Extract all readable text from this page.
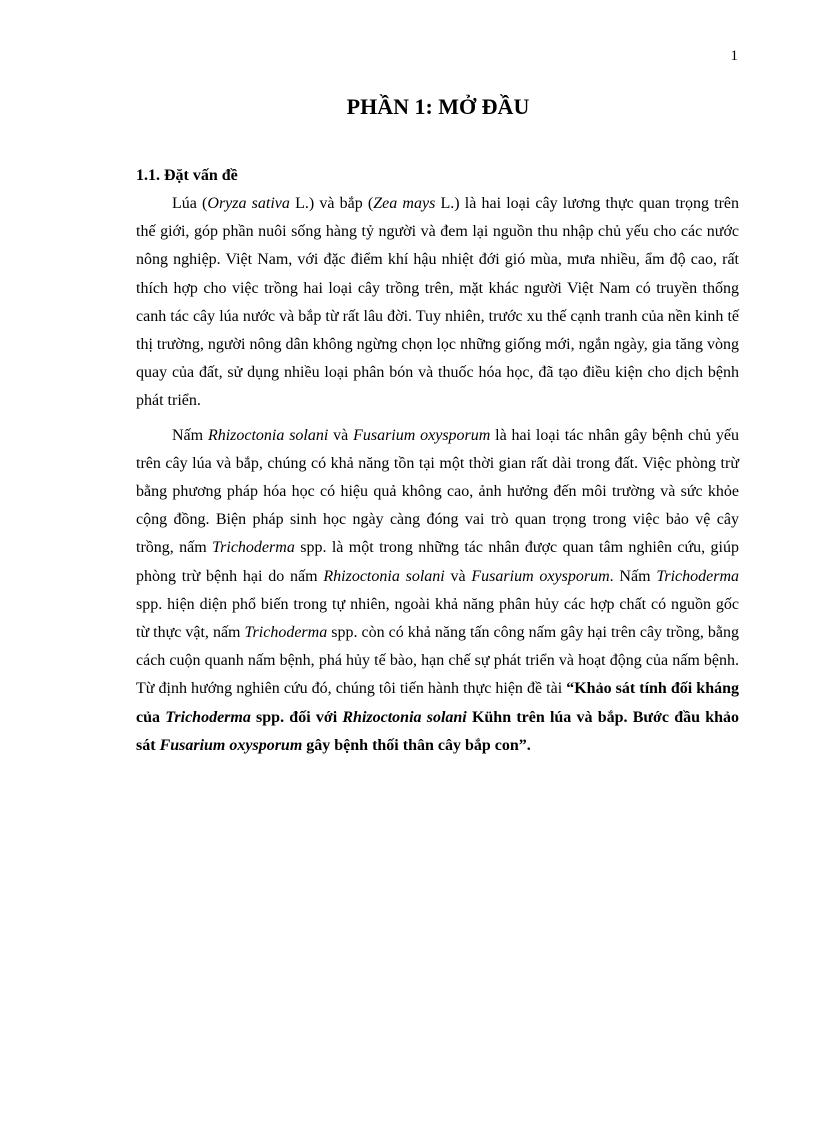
1
PHẦN 1: MỞ ĐẦU
1.1. Đặt vấn đề

Lúa (Oryza sativa L.) và bắp (Zea mays L.) là hai loại cây lương thực quan trọng trên thế giới, góp phần nuôi sống hàng tỷ người và đem lại nguồn thu nhập chủ yếu cho các nước nông nghiệp. Việt Nam, với đặc điểm khí hậu nhiệt đới gió mùa, mưa nhiều, ẩm độ cao, rất thích hợp cho việc trồng hai loại cây trồng trên, mặt khác người Việt Nam có truyền thống canh tác cây lúa nước và bắp từ rất lâu đời. Tuy nhiên, trước xu thế cạnh tranh của nền kinh tế thị trường, người nông dân không ngừng chọn lọc những giống mới, ngắn ngày, gia tăng vòng quay của đất, sử dụng nhiều loại phân bón và thuốc hóa học, đã tạo điều kiện cho dịch bệnh phát triển.

Nấm Rhizoctonia solani và Fusarium oxysporum là hai loại tác nhân gây bệnh chủ yếu trên cây lúa và bắp, chúng có khả năng tồn tại một thời gian rất dài trong đất. Việc phòng trừ bằng phương pháp hóa học có hiệu quả không cao, ảnh hưởng đến môi trường và sức khỏe cộng đồng. Biện pháp sinh học ngày càng đóng vai trò quan trọng trong việc bảo vệ cây trồng, nấm Trichoderma spp. là một trong những tác nhân được quan tâm nghiên cứu, giúp phòng trừ bệnh hại do nấm Rhizoctonia solani và Fusarium oxysporum. Nấm Trichoderma spp. hiện diện phổ biến trong tự nhiên, ngoài khả năng phân hủy các hợp chất có nguồn gốc từ thực vật, nấm Trichoderma spp. còn có khả năng tấn công nấm gây hại trên cây trồng, bằng cách cuộn quanh nấm bệnh, phá hủy tế bào, hạn chế sự phát triển và hoạt động của nấm bệnh. Từ định hướng nghiên cứu đó, chúng tôi tiến hành thực hiện đề tài “Khảo sát tính đối kháng của Trichoderma spp. đối với Rhizoctonia solani Kühn trên lúa và bắp. Bước đầu khảo sát Fusarium oxysporum gây bệnh thối thân cây bắp con”.
